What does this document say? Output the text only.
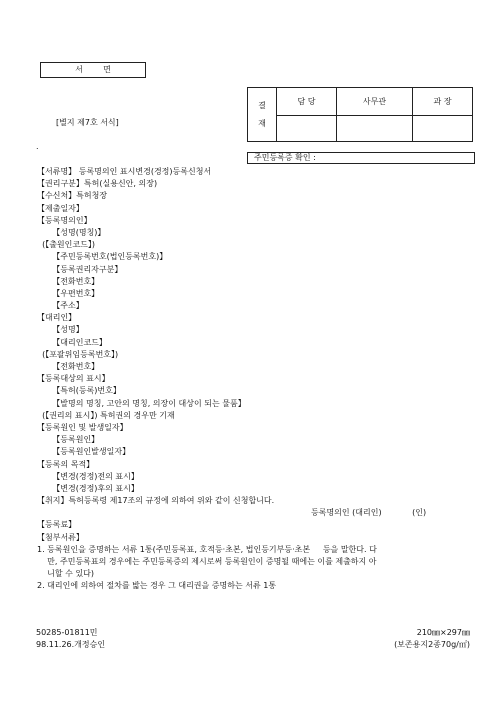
서        면
[별지 제7호 서식]
.
결
재	담 당	사무관	과 장

주민등록증 확인 :
【서류명】 등록명의인 표시변경(경정)등록신청서
【권리구분】특허(실용신안, 의장)
【수신처】특허청장
【제출일자】
【등록명의인】
【성명(명칭)】
(【출원인코드】)
【주민등록번호(법인등록번호)】
【등록권리자구분】
【전화번호】
【우편번호】
【주소】
【대리인】
【성명】
【대리인코드】
(【포괄위임등록번호】)
【전화번호】
【등록대상의 표시】
【특허(등록)번호】
【발명의 명칭, 고안의 명칭, 의장이 대상이 되는 물품】
(【권리의 표시】) 특허권의 경우만 기재
【등록원인 및 발생일자】
【등록원인】
【등록원인발생일자】
【등록의 목적】
【변경(경정)전의 표시】
【변경(경정)후의 표시】
【취지】특허등록령 제17조의 규정에 의하여 위와 같이 신청합니다.
등록명의인 (대리인)            (인)
【등록료】
【첨부서류】
1. 등록원인을 증명하는 서류 1통(주민등록표, 호적등·초본, 법인등기부등·초본     등을 말한다. 다
만, 주민등록표의 경우에는 주민등록증의 제시로써 등록원인이 증명될 때에는 이를 제출하지 아
니할 수 있다)
2. 대리인에 의하여 절차를 밟는 경우 그 대리권을 증명하는 서류 1통
50285-01811민
98.11.26.개정승인
210㎜×297㎜
(보존용지2종70g/㎡)
